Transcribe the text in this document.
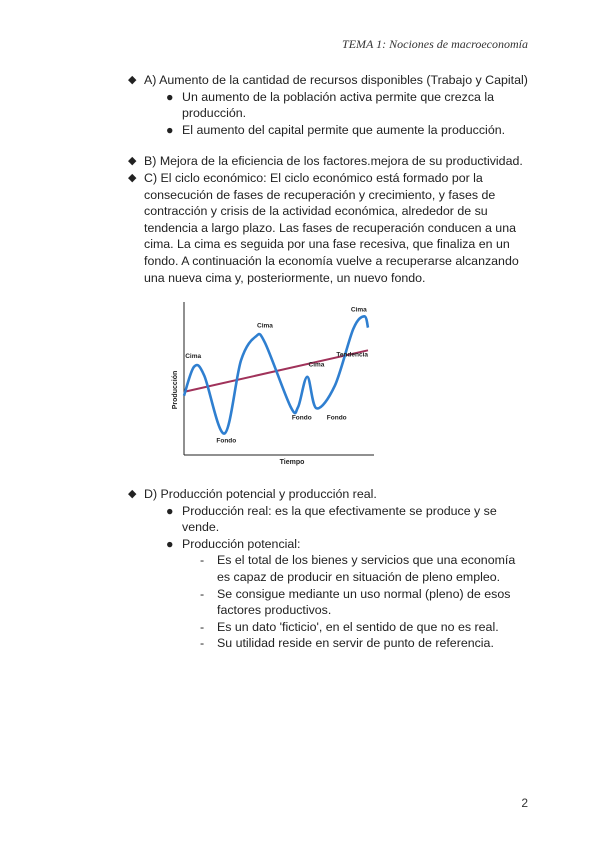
TEMA 1: Nociones de macroeconomía
◆ A) Aumento de la cantidad de recursos disponibles (Trabajo y Capital)
● Un aumento de la población activa permite que crezca la producción.
● El aumento del capital permite que aumente la producción.
◆ B) Mejora de la eficiencia de los factores.mejora de su productividad.
◆ C) El ciclo económico: El ciclo económico está formado por la consecución de fases de recuperación y crecimiento, y fases de contracción y crisis de la actividad económica, alrededor de su tendencia a largo plazo. Las fases de recuperación conducen a una cima. La cima es seguida por una fase recesiva, que finaliza en un fondo. A continuación la economía vuelve a recuperarse alcanzando una nueva cima y, posteriormente, un nuevo fondo.
Cima
Fondo
Cima
Cima
Fondo Fondo
Cima
Tendencia
Tiempo
Producción
◆ D) Producción potencial y producción real.
● Producción real: es la que efectivamente se produce y se vende.
● Producción potencial:
- Es el total de los bienes y servicios que una economía es capaz de producir en situación de pleno empleo.
- Se consigue mediante un uso normal (pleno) de esos factores productivos.
- Es un dato 'ficticio', en el sentido de que no es real.
- Su utilidad reside en servir de punto de referencia.
2
